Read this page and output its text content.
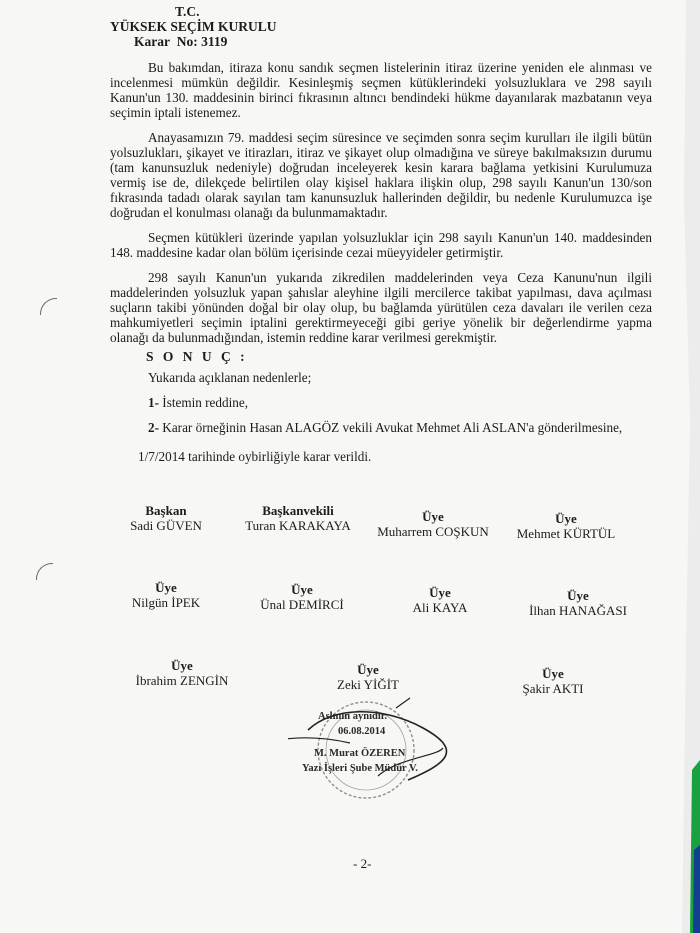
T.C.
YÜKSEK SEÇİM KURULU
Karar No: 3119

Bu bakımdan, itiraza konu sandık seçmen listelerinin itiraz üzerine yeniden ele alınması ve incelenmesi mümkün değildir. Kesinleşmiş seçmen kütüklerindeki yolsuzluklara ve 298 sayılı Kanun'un 130. maddesinin birinci fıkrasının altıncı bendindeki hükme dayanılarak mazbatanın veya seçimin iptali istenemez.

Anayasamızın 79. maddesi seçim süresince ve seçimden sonra seçim kurulları ile ilgili bütün yolsuzlukları, şikayet ve itirazları, itiraz ve şikayet olup olmadığına ve süreye bakılmaksızın durumu (tam kanunsuzluk nedeniyle) doğrudan inceleyerek kesin karara bağlama yetkisini Kurulumuza vermiş ise de, dilekçede belirtilen olay kişisel haklara ilişkin olup, 298 sayılı Kanun'un 130/son fıkrasında tadadı olarak sayılan tam kanunsuzluk hallerinden değildir, bu nedenle Kurulumuzca işe doğrudan el konulması olanağı da bulunmamaktadır.

Seçmen kütükleri üzerinde yapılan yolsuzluklar için 298 sayılı Kanun'un 140. maddesinden 148. maddesine kadar olan bölüm içerisinde cezai müeyyideler getirmiştir.

298 sayılı Kanun'un yukarıda zikredilen maddelerinden veya Ceza Kanunu'nun ilgili maddelerinden yolsuzluk yapan şahıslar aleyhine ilgili mercilerce takibat yapılması, dava açılması suçların takibi yönünden doğal bir olay olup, bu bağlamda yürütülen ceza davaları ile verilen ceza mahkumiyetleri seçimin iptalini gerektirmeyeceği gibi geriye yönelik bir değerlendirme yapma olanağı da bulunmadığından, istemin reddine karar verilmesi gerekmiştir.

S O N U Ç :
Yukarıda açıklanan nedenlerle;
1- İstemin reddine,
2- Karar örneğinin Hasan ALAGÖZ vekili Avukat Mehmet Ali ASLAN'a gönderilmesine,
1/7/2014 tarihinde oybirliğiyle karar verildi.
Başkan
Sadi GÜVEN
Başkanvekili
Turan KARAKAYA
Üye
Muharrem COŞKUN
Üye
Mehmet KÜRTÜL
Üye
Nilgün İPEK
Üye
Ünal DEMİRCİ
Üye
Ali KAYA
Üye
İlhan HANAĞASI
Üye
İbrahim ZENGİN
Üye
Zeki YİĞİT
Üye
Şakir AKTI
Aslının aynıdır.
06.08.2014
M. Murat ÖZEREN
Yazı İşleri Şube Müdür V.
- 2-
